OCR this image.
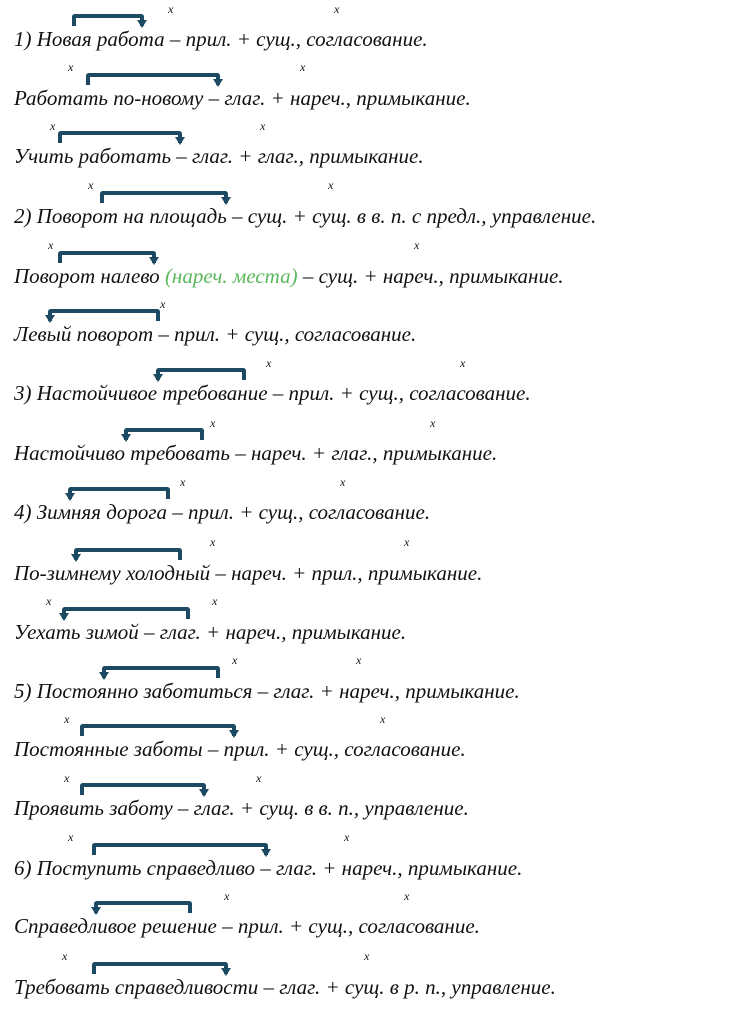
1) Новая работа – прил. + сущ., согласование.
Работать по-новому – глаг. + нареч., примыкание.
Учить работать – глаг. + глаг., примыкание.
2) Поворот на площадь – сущ. + сущ. в в. п. с предл., управление.
Поворот налево (нареч. места) – сущ. + нареч., примыкание.
Левый поворот – прил. + сущ., согласование.
3) Настойчивое требование – прил. + сущ., согласование.
Настойчиво требовать – нареч. + глаг., примыкание.
4) Зимняя дорога – прил. + сущ., согласование.
По-зимнему холодный – нареч. + прил., примыкание.
Уехать зимой – глаг. + нареч., примыкание.
5) Постоянно заботиться – глаг. + нареч., примыкание.
Постоянные заботы – прил. + сущ., согласование.
Проявить заботу – глаг. + сущ. в в. п., управление.
6) Поступить справедливо – глаг. + нареч., примыкание.
Справедливое решение – прил. + сущ., согласование.
Требовать справедливости – глаг. + сущ. в р. п., управление.
x	x
x	x
x	x
x	x
x	x
x
x	x
x	x
x	x
x	x
x	x
x	x
x	x
x	x
x	x
x	x
x	x
